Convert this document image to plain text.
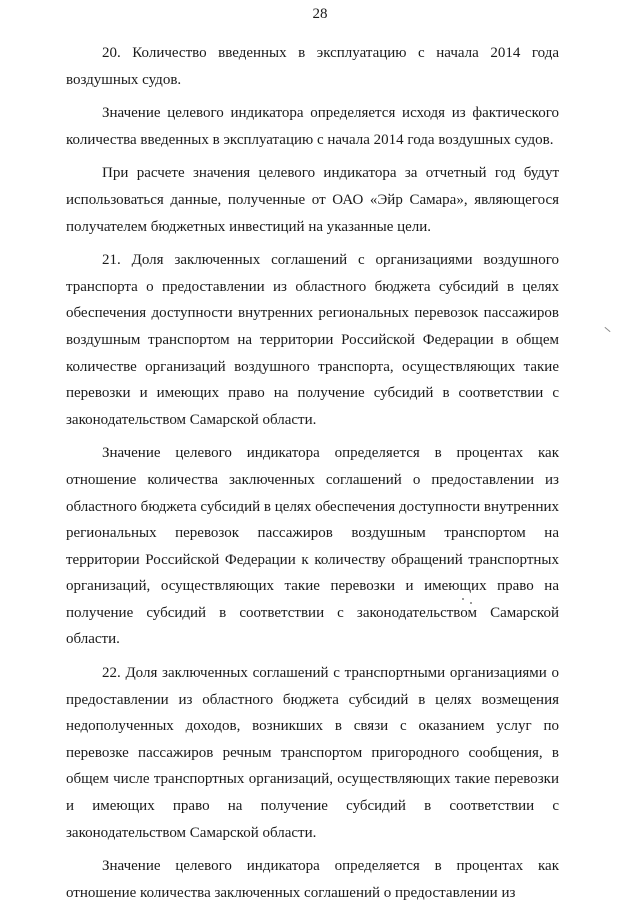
28

20. Количество введенных в эксплуатацию с начала 2014 года воздушных судов.

Значение целевого индикатора определяется исходя из фактического количества введенных в эксплуатацию с начала 2014 года воздушных судов.

При расчете значения целевого индикатора за отчетный год будут использоваться данные, полученные от ОАО «Эйр Самара», являющегося получателем бюджетных инвестиций на указанные цели.

21. Доля заключенных соглашений с организациями воздушного транспорта о предоставлении из областного бюджета субсидий в целях обеспечения доступности внутренних региональных перевозок пассажиров воздушным транспортом на территории Российской Федерации в общем количестве организаций воздушного транспорта, осуществляющих такие перевозки и имеющих право на получение субсидий в соответствии с законодательством Самарской области.

Значение целевого индикатора определяется в процентах как отношение количества заключенных соглашений о предоставлении из областного бюджета субсидий в целях обеспечения доступности внутренних региональных перевозок пассажиров воздушным транспортом на территории Российской Федерации к количеству обращений транспортных организаций, осуществляющих такие перевозки и имеющих право на получение субсидий в соответствии с законодательством Самарской области.

22. Доля заключенных соглашений с транспортными организациями о предоставлении из областного бюджета субсидий в целях возмещения недополученных доходов, возникших в связи с оказанием услуг по перевозке пассажиров речным транспортом пригородного сообщения, в общем числе транспортных организаций, осуществляющих такие перевозки и имеющих право на получение субсидий в соответствии с законодательством Самарской области.

Значение целевого индикатора определяется в процентах как отношение количества заключенных соглашений о предоставлении из
